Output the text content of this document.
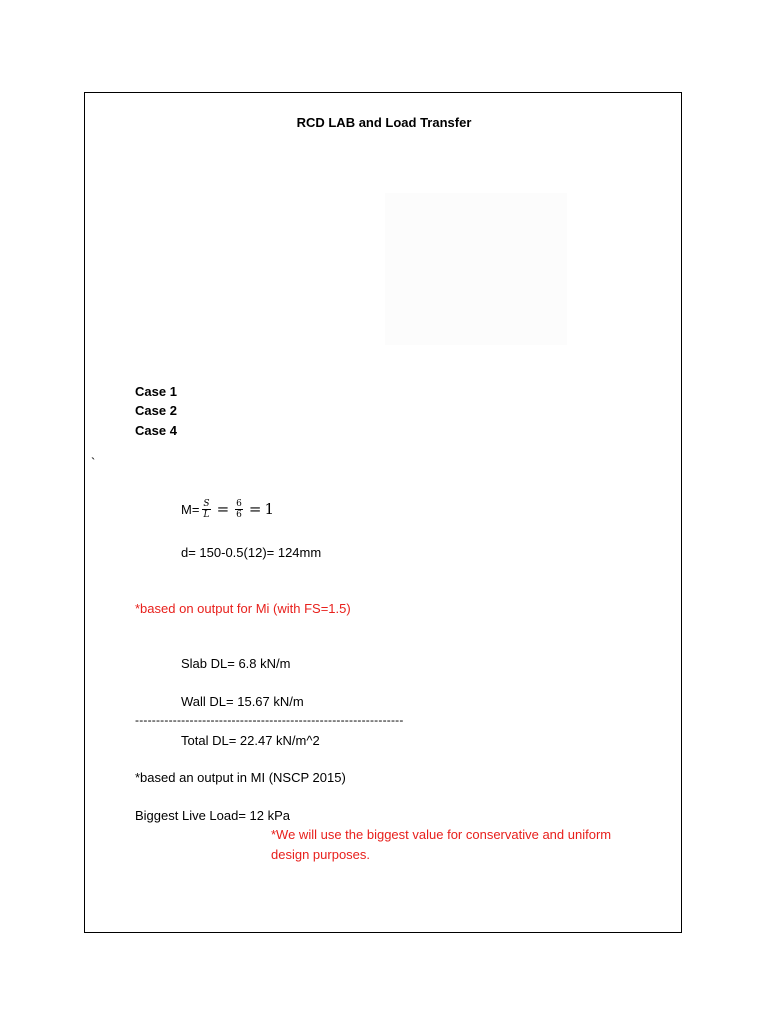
RCD LAB and Load Transfer
Case 1
Case 2
Case 4
`
$M= \frac{S}{L} = \frac{6}{6} = 1$
d= 150-0.5(12)= 124mm
*based on output for Mi (with FS=1.5)
Slab DL= 6.8 kN/m
Wall DL= 15.67 kN/m
----------------------------------------------------------------
Total DL= 22.47 kN/m^2
*based an output in MI (NSCP 2015)
Biggest Live Load= 12 kPa
*We will use the biggest value for conservative and uniform
design purposes.
